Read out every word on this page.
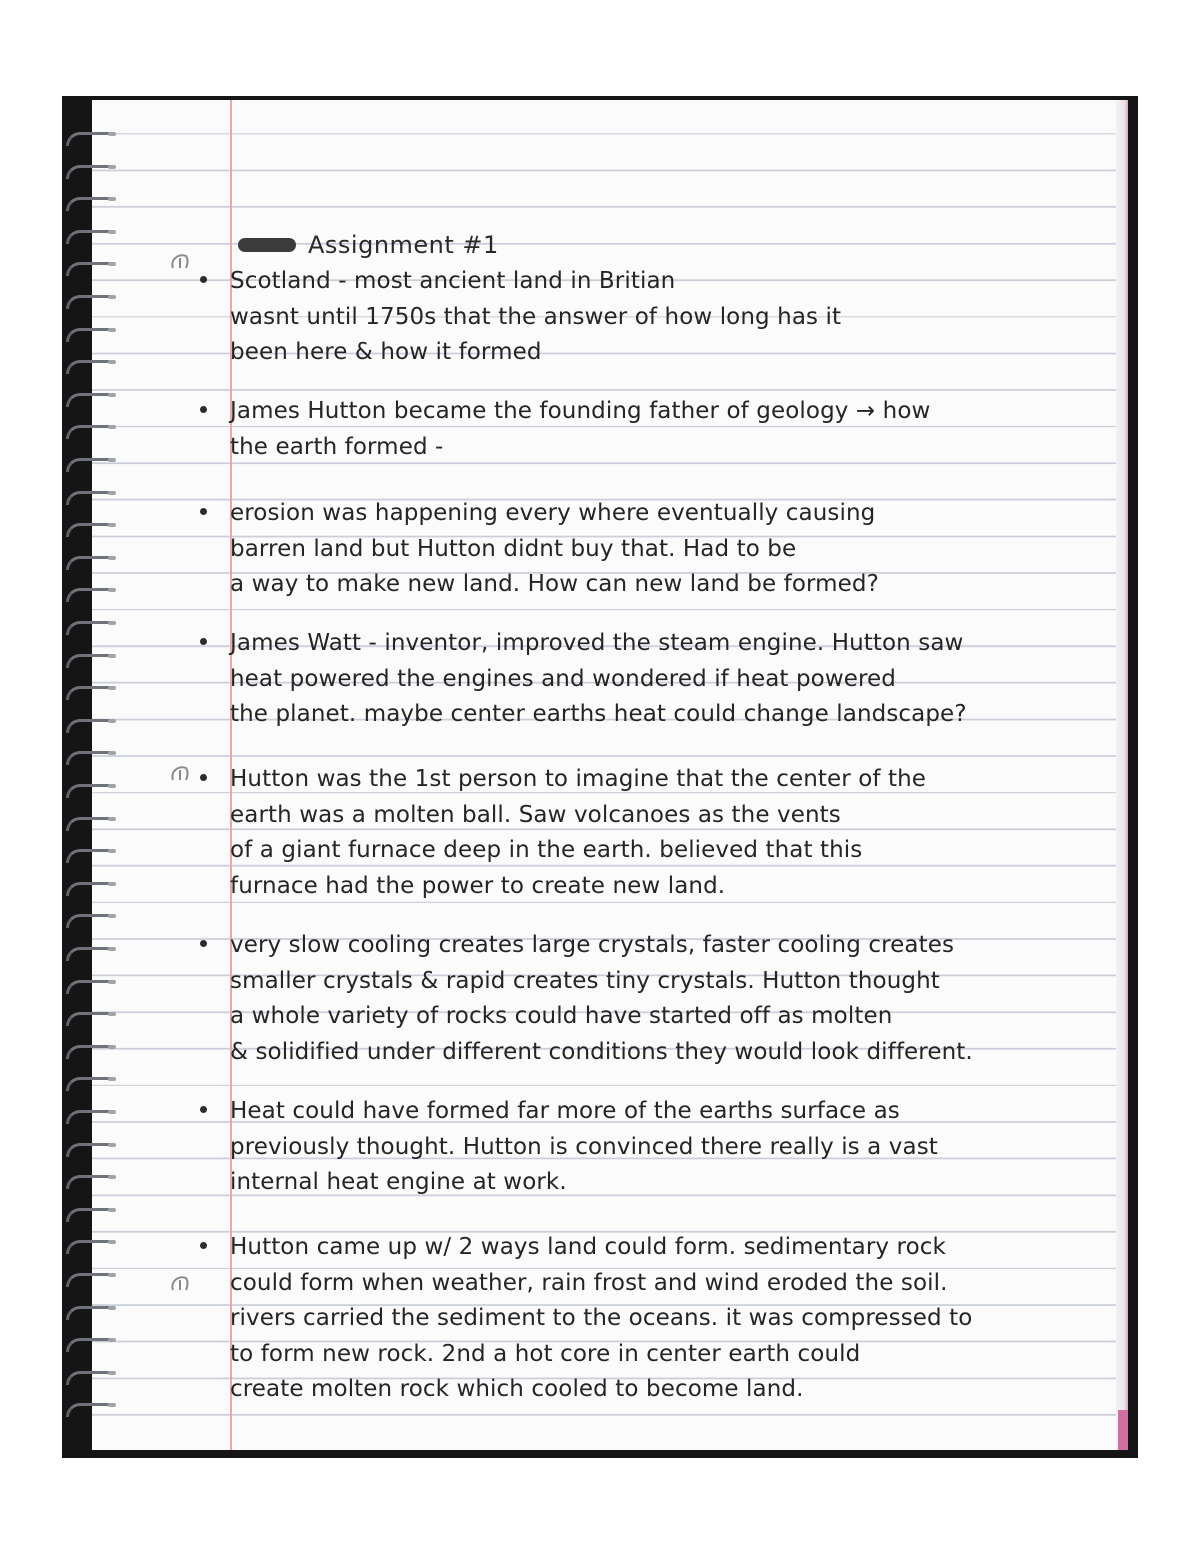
Assignment #1
Scotland - most ancient land in Britian
wasnt until 1750s that the answer of how long has it
been here & how it formed
James Hutton became the founding father of geology → how
the earth formed -
erosion was happening every where eventually causing
barren land but Hutton didnt buy that. Had to be
a way to make new land. How can new land be formed?
James Watt - inventor, improved the steam engine. Hutton saw
heat powered the engines and wondered if heat powered
the planet. maybe center earths heat could change landscape?
Hutton was the 1st person to imagine that the center of the
earth was a molten ball. Saw volcanoes as the vents
of a giant furnace deep in the earth. believed that this
furnace had the power to create new land.
very slow cooling creates large crystals, faster cooling creates
smaller crystals & rapid creates tiny crystals. Hutton thought
a whole variety of rocks could have started off as molten
& solidified under different conditions they would look different.
Heat could have formed far more of the earths surface as
previously thought. Hutton is convinced there really is a vast
internal heat engine at work.
Hutton came up w/ 2 ways land could form. sedimentary rock
could form when weather, rain frost and wind eroded the soil.
rivers carried the sediment to the oceans. it was compressed to
to form new rock. 2nd a hot core in center earth could
create molten rock which cooled to become land.
